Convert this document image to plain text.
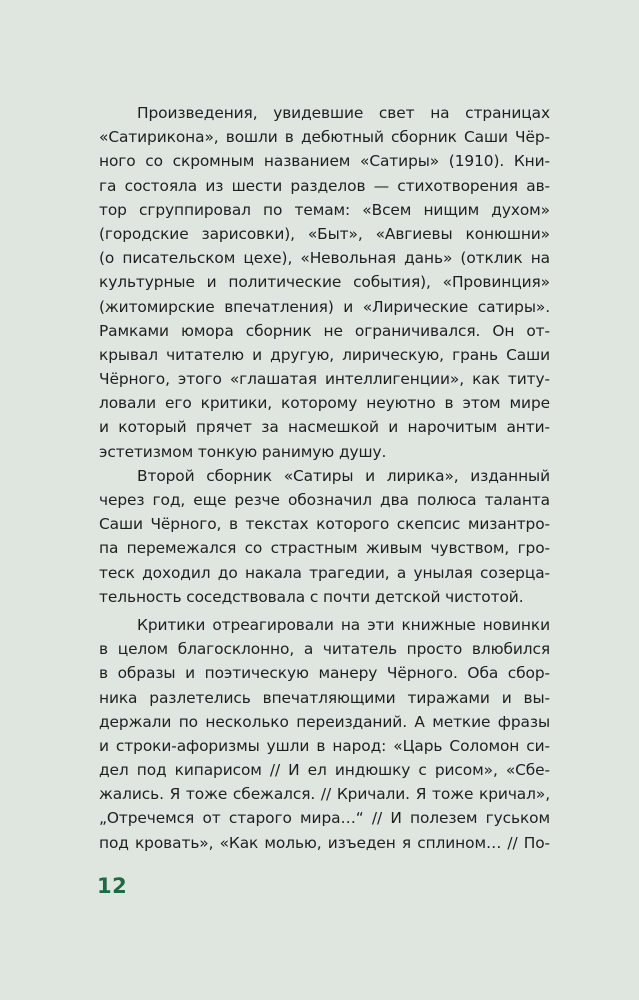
Произведения, увидевшие свет на страницах
«Сатирикона», вошли в дебютный сборник Саши Чёр-
ного со скромным названием «Сатиры» (1910). Кни-
га состояла из шести разделов — стихотворения ав-
тор сгруппировал по темам: «Всем нищим духом»
(городские зарисовки), «Быт», «Авгиевы конюшни»
(о писательском цехе), «Невольная дань» (отклик на
культурные и политические события), «Провинция»
(житомирские впечатления) и «Лирические сатиры».
Рамками юмора сборник не ограничивался. Он от-
крывал читателю и другую, лирическую, грань Саши
Чёрного, этого «глашатая интеллигенции», как титу-
ловали его критики, которому неуютно в этом мире
и который прячет за насмешкой и нарочитым анти-
эстетизмом тонкую ранимую душу.
Второй сборник «Сатиры и лирика», изданный
через год, еще резче обозначил два полюса таланта
Саши Чёрного, в текстах которого скепсис мизантро-
па перемежался со страстным живым чувством, гро-
теск доходил до накала трагедии, а унылая созерца-
тельность соседствовала с почти детской чистотой.
Критики отреагировали на эти книжные новинки
в целом благосклонно, а читатель просто влюбился
в образы и поэтическую манеру Чёрного. Оба сбор-
ника разлетелись впечатляющими тиражами и вы-
держали по несколько переизданий. А меткие фразы
и строки-афоризмы ушли в народ: «Царь Соломон си-
дел под кипарисом // И ел индюшку с рисом», «Сбе-
жались. Я тоже сбежался. // Кричали. Я тоже кричал»,
„Отречемся от старого мира…“ // И полезем гуськом
под кровать», «Как молью, изъеден я сплином… // По-
12
